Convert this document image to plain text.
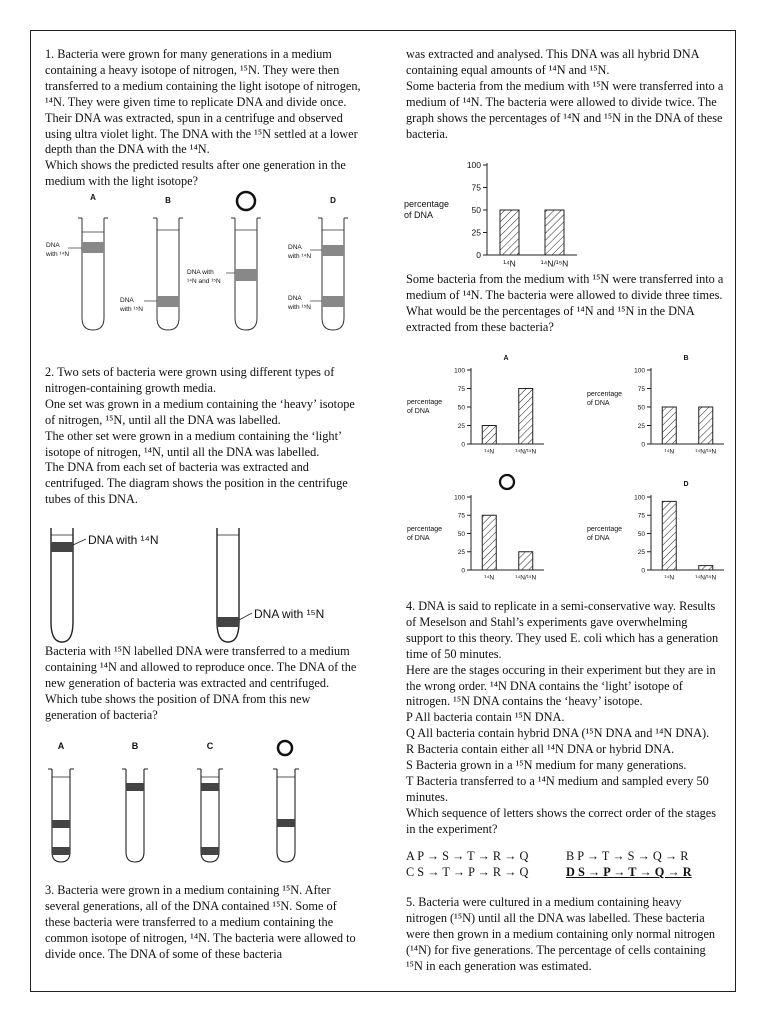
1. Bacteria were grown for many generations in a medium containing a heavy isotope of nitrogen, ¹⁵N. They were then transferred to a medium containing the light isotope of nitrogen, ¹⁴N. They were given time to replicate DNA and divide once. Their DNA was extracted, spun in a centrifuge and observed using ultra violet light. The DNA with the ¹⁵N settled at a lower depth than the DNA with the ¹⁴N.

Which shows the predicted results after one generation in the medium with the light isotope?

A	B	D
DNA
with ¹⁴N
DNA
with ¹⁵N
DNA with
¹⁴N and ¹⁵N
DNA
with ¹⁴N
DNA
with ¹⁵N

2. Two sets of bacteria were grown using different types of nitrogen-containing growth media.

One set was grown in a medium containing the ‘heavy’ isotope of nitrogen, ¹⁵N, until all the DNA was labelled.

The other set were grown in a medium containing the ‘light’ isotope of nitrogen, ¹⁴N, until all the DNA was labelled.

The DNA from each set of bacteria was extracted and centrifuged. The diagram shows the position in the centrifuge tubes of this DNA.

DNA with ¹⁴N
DNA with ¹⁵N

Bacteria with ¹⁵N labelled DNA were transferred to a medium containing ¹⁴N and allowed to reproduce once. The DNA of the new generation of bacteria was extracted and centrifuged.

Which tube shows the position of DNA from this new generation of bacteria?

A	B	C

3. Bacteria were grown in a medium containing ¹⁵N. After several generations, all of the DNA contained ¹⁵N. Some of these bacteria were transferred to a medium containing the common isotope of nitrogen, ¹⁴N. The bacteria were allowed to divide once. The DNA of some of these bacteria

was extracted and analysed. This DNA was all hybrid DNA containing equal amounts of ¹⁴N and ¹⁵N.

Some bacteria from the medium with ¹⁵N were transferred into a medium of ¹⁴N. The bacteria were allowed to divide twice. The graph shows the percentages of ¹⁴N and ¹⁵N in the DNA of these bacteria.

percentage
of DNA
0
25
50
75
100
¹⁴N	¹⁴N/¹⁵N

Some bacteria from the medium with ¹⁵N were transferred into a medium of ¹⁴N. The bacteria were allowed to divide three times.

What would be the percentages of ¹⁴N and ¹⁵N in the DNA extracted from these bacteria?

A
percentage
of DNA
0
25
50
75
100
¹⁴N	¹⁴N/¹⁵N
B
percentage
of DNA
0
25
50
75
100
¹⁴N	¹⁴N/¹⁵N
percentage
of DNA
0
25
50
75
100
¹⁴N	¹⁴N/¹⁵N
D
percentage
of DNA
0
25
50
75
100
¹⁴N	¹⁴N/¹⁵N

4. DNA is said to replicate in a semi-conservative way. Results of Meselson and Stahl’s experiments gave overwhelming support to this theory. They used E. coli which has a generation time of 50 minutes.

Here are the stages occuring in their experiment but they are in the wrong order. ¹⁴N DNA contains the ‘light’ isotope of nitrogen. ¹⁵N DNA contains the ‘heavy’ isotope.

P All bacteria contain ¹⁵N DNA.

Q All bacteria contain hybrid DNA (¹⁵N DNA and ¹⁴N DNA).

R Bacteria contain either all ¹⁴N DNA or hybrid DNA.

S Bacteria grown in a ¹⁵N medium for many generations.

T Bacteria transferred to a ¹⁴N medium and sampled every 50 minutes.

Which sequence of letters shows the correct order of the stages in the experiment?

A P → S → T → R → Q	B P → T → S → Q → R
C S → T → P → R → Q	D S → P → T → Q → R

5. Bacteria were cultured in a medium containing heavy nitrogen (¹⁵N) until all the DNA was labelled. These bacteria were then grown in a medium containing only normal nitrogen (¹⁴N) for five generations. The percentage of cells containing ¹⁵N in each generation was estimated.
